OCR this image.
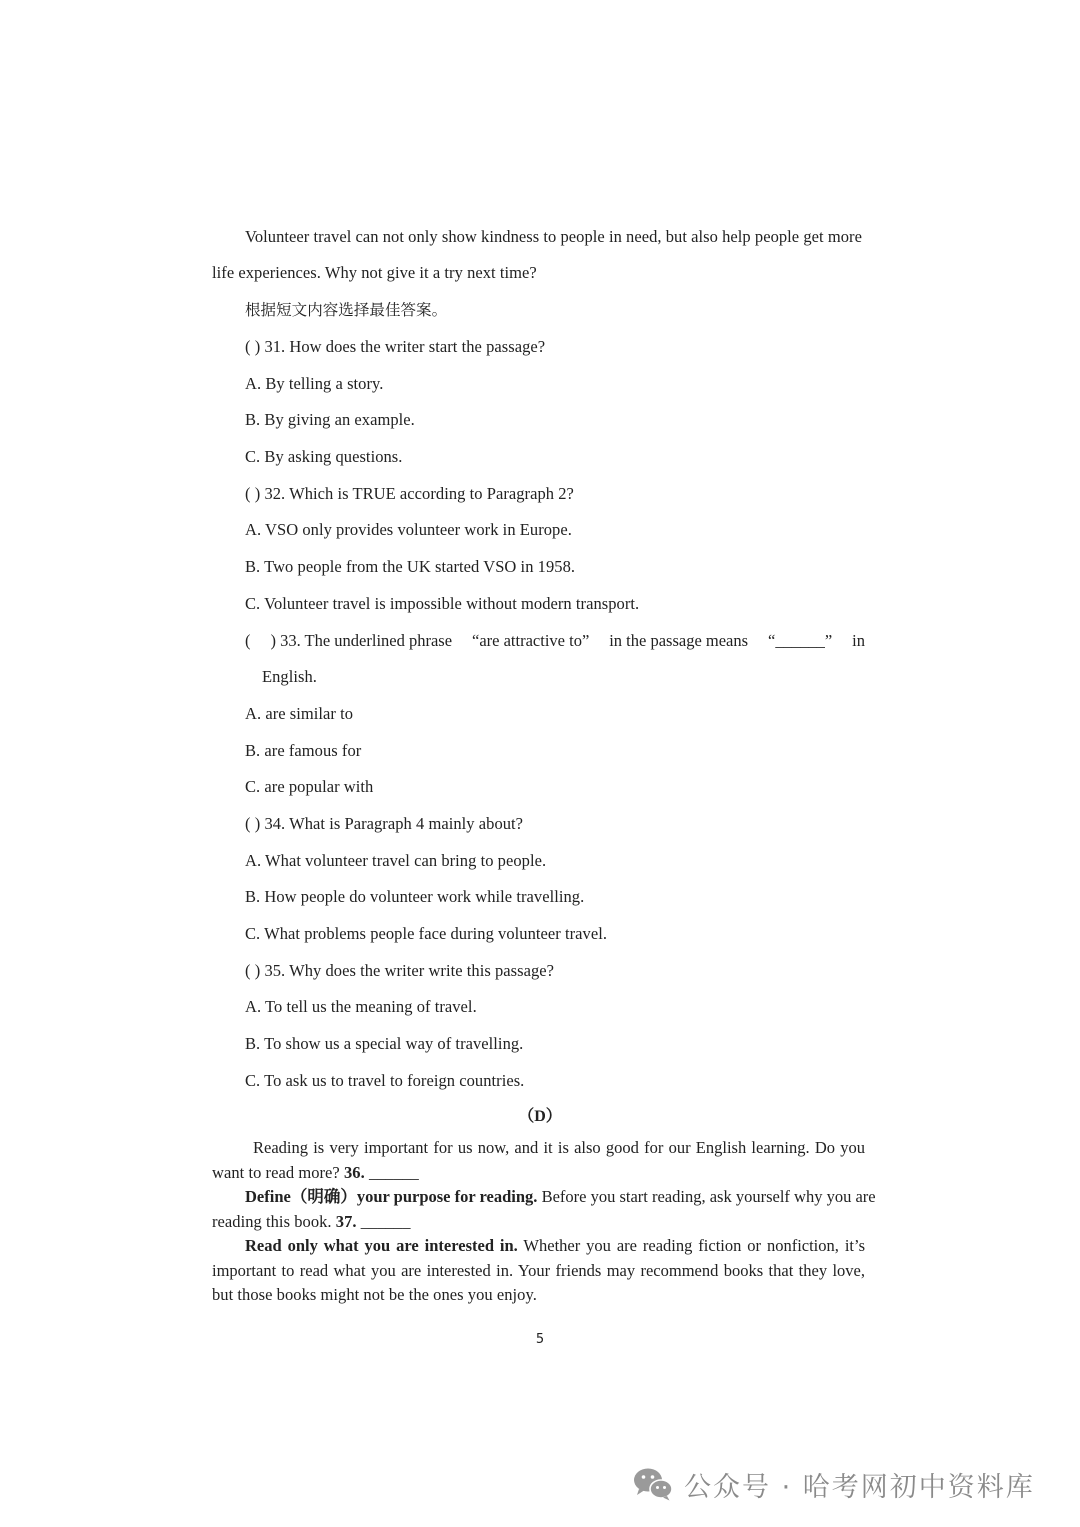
Volunteer travel can not only show kindness to people in need, but also help people get more
life experiences. Why not give it a try next time?
根据短文内容选择最佳答案。
( ) 31. How does the writer start the passage?
A. By telling a story.
B. By giving an example.
C. By asking questions.
( ) 32. Which is TRUE according to Paragraph 2?
A. VSO only provides volunteer work in Europe.
B. Two people from the UK started VSO in 1958.
C. Volunteer travel is impossible without modern transport.
( ) 33. The underlined phrase “are attractive to” in the passage means “______” in
English.
A. are similar to
B. are famous for
C. are popular with
( ) 34. What is Paragraph 4 mainly about?
A. What volunteer travel can bring to people.
B. How people do volunteer work while travelling.
C. What problems people face during volunteer travel.
( ) 35. Why does the writer write this passage?
A. To tell us the meaning of travel.
B. To show us a special way of travelling.
C. To ask us to travel to foreign countries.
（D）
Reading is very important for us now, and it is also good for our English learning. Do you
want to read more? 36. ______
Define（明确）your purpose for reading. Before you start reading, ask yourself why you are
reading this book. 37. ______
Read only what you are interested in. Whether you are reading fiction or nonfiction, it’s
important to read what you are interested in. Your friends may recommend books that they love,
but those books might not be the ones you enjoy.
5
公众号 · 哈考网初中资料库
